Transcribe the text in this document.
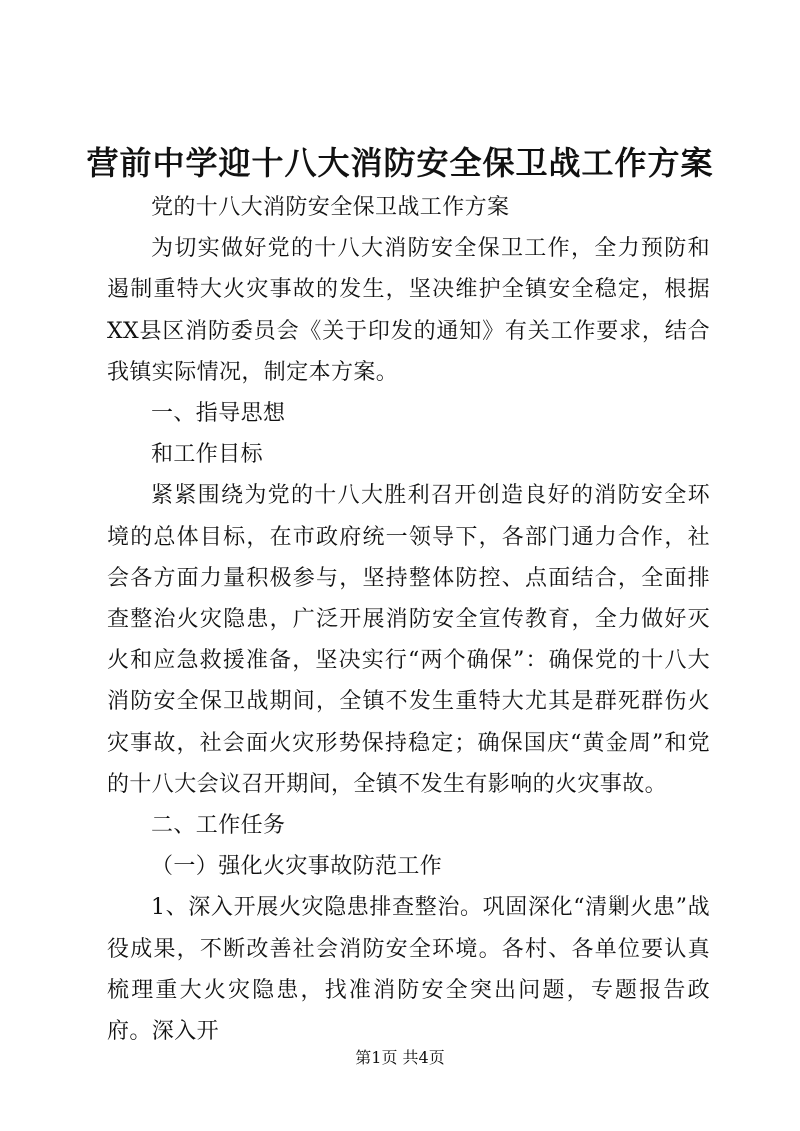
营前中学迎十八大消防安全保卫战工作方案

党的十八大消防安全保卫战工作方案

为切实做好党的十八大消防安全保卫工作，全力预防和遏制重特大火灾事故的发生，坚决维护全镇安全稳定，根据XX县区消防委员会《关于印发的通知》有关工作要求，结合我镇实际情况，制定本方案。

一、指导思想

和工作目标

紧紧围绕为党的十八大胜利召开创造良好的消防安全环境的总体目标，在市政府统一领导下，各部门通力合作，社会各方面力量积极参与，坚持整体防控、点面结合，全面排查整治火灾隐患，广泛开展消防安全宣传教育，全力做好灭火和应急救援准备，坚决实行“两个确保”：确保党的十八大消防安全保卫战期间，全镇不发生重特大尤其是群死群伤火灾事故，社会面火灾形势保持稳定；确保国庆“黄金周”和党的十八大会议召开期间，全镇不发生有影响的火灾事故。

二、工作任务

（一）强化火灾事故防范工作

1、深入开展火灾隐患排查整治。巩固深化“清剿火患”战役成果，不断改善社会消防安全环境。各村、各单位要认真梳理重大火灾隐患，找准消防安全突出问题，专题报告政府。深入开

第1页 共4页
